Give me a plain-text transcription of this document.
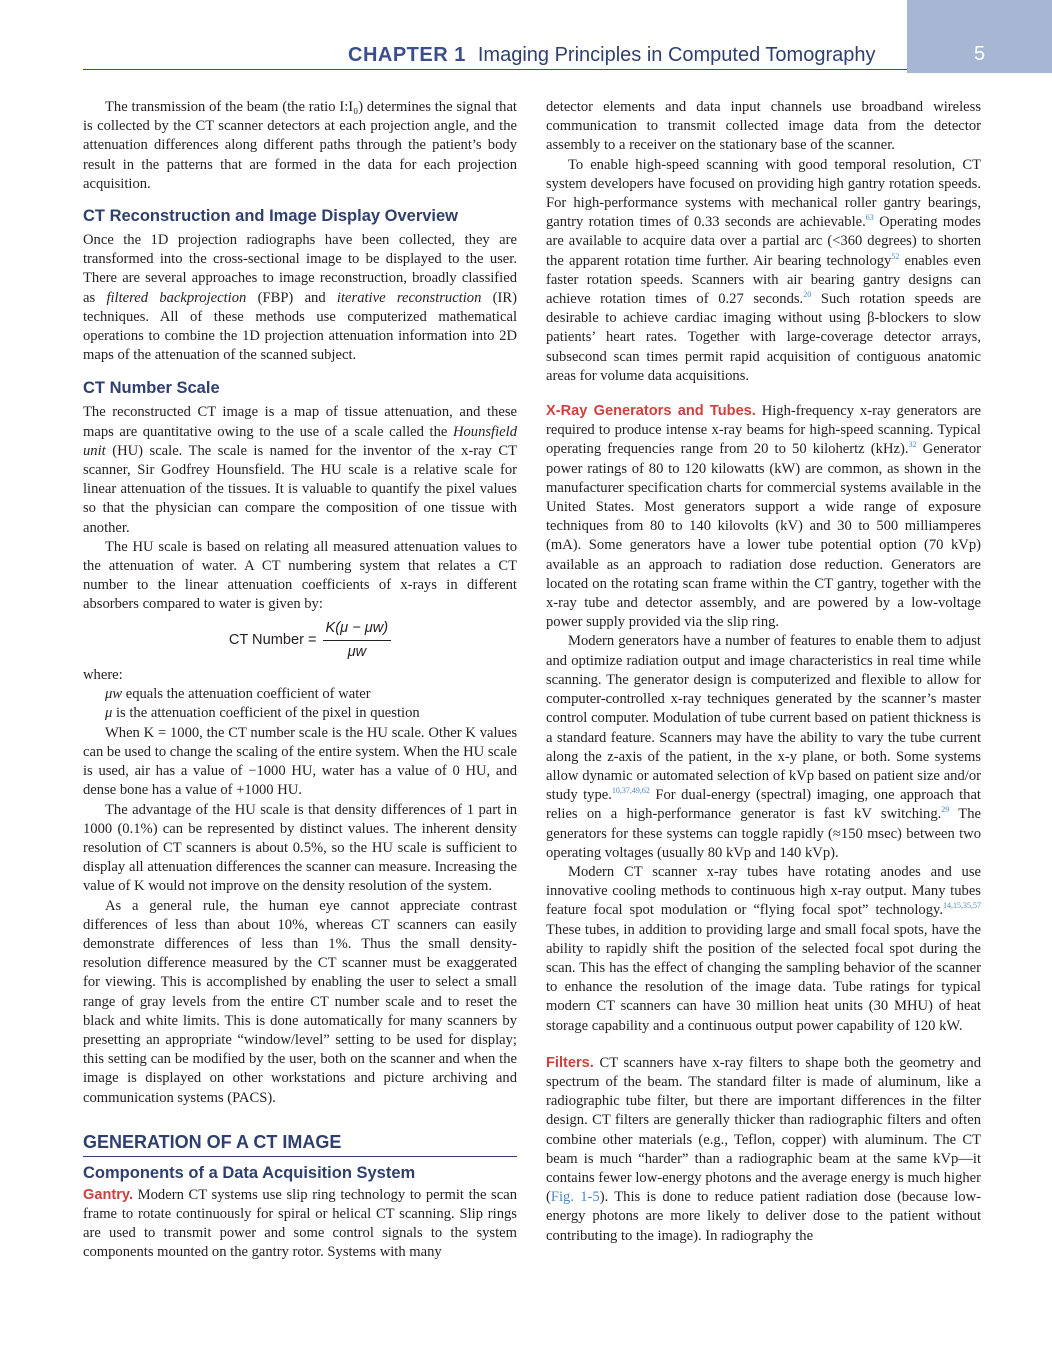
5
CHAPTER 1 Imaging Principles in Computed Tomography

The transmission of the beam (the ratio I:I₀) determines the signal that is collected by the CT scanner detectors at each projection angle, and the attenuation differences along different paths through the patient’s body result in the patterns that are formed in the data for each projection acquisition.

CT Reconstruction and Image Display Overview

Once the 1D projection radiographs have been collected, they are transformed into the cross-sectional image to be displayed to the user. There are several approaches to image reconstruction, broadly classified as filtered backprojection (FBP) and iterative reconstruction (IR) techniques. All of these methods use computerized mathematical operations to combine the 1D projection attenuation information into 2D maps of the attenuation of the scanned subject.

CT Number Scale

The reconstructed CT image is a map of tissue attenuation, and these maps are quantitative owing to the use of a scale called the Hounsfield unit (HU) scale. The scale is named for the inventor of the x-ray CT scanner, Sir Godfrey Hounsfield. The HU scale is a relative scale for linear attenuation of the tissues. It is valuable to quantify the pixel values so that the physician can compare the composition of one tissue with another.

The HU scale is based on relating all measured attenuation values to the attenuation of water. A CT numbering system that relates a CT number to the linear attenuation coefficients of x-rays in different absorbers compared to water is given by:

CT Number = $\frac{K(\mu - \mu w)}{\mu w}$

where:

μw equals the attenuation coefficient of water

μ is the attenuation coefficient of the pixel in question

When K = 1000, the CT number scale is the HU scale. Other K values can be used to change the scaling of the entire system. When the HU scale is used, air has a value of −1000 HU, water has a value of 0 HU, and dense bone has a value of +1000 HU.

The advantage of the HU scale is that density differences of 1 part in 1000 (0.1%) can be represented by distinct values. The inherent density resolution of CT scanners is about 0.5%, so the HU scale is sufficient to display all attenuation differences the scanner can measure. Increasing the value of K would not improve on the density resolution of the system.

As a general rule, the human eye cannot appreciate contrast differences of less than about 10%, whereas CT scanners can easily demonstrate differences of less than 1%. Thus the small density-resolution difference measured by the CT scanner must be exaggerated for viewing. This is accomplished by enabling the user to select a small range of gray levels from the entire CT number scale and to reset the black and white limits. This is done automatically for many scanners by presetting an appropriate “window/level” setting to be used for display; this setting can be modified by the user, both on the scanner and when the image is displayed on other workstations and picture archiving and communication systems (PACS).

GENERATION OF A CT IMAGE
Components of a Data Acquisition System

Gantry. Modern CT systems use slip ring technology to permit the scan frame to rotate continuously for spiral or helical CT scanning. Slip rings are used to transmit power and some control signals to the system components mounted on the gantry rotor. Systems with many

detector elements and data input channels use broadband wireless communication to transmit collected image data from the detector assembly to a receiver on the stationary base of the scanner.

To enable high-speed scanning with good temporal resolution, CT system developers have focused on providing high gantry rotation speeds. For high-performance systems with mechanical roller gantry bearings, gantry rotation times of 0.33 seconds are achievable.$^{63}$ Operating modes are available to acquire data over a partial arc (<360 degrees) to shorten the apparent rotation time further. Air bearing technology$^{52}$ enables even faster rotation speeds. Scanners with air bearing gantry designs can achieve rotation times of 0.27 seconds.$^{20}$ Such rotation speeds are desirable to achieve cardiac imaging without using β-blockers to slow patients’ heart rates. Together with large-coverage detector arrays, subsecond scan times permit rapid acquisition of contiguous anatomic areas for volume data acquisitions.

X-Ray Generators and Tubes. High-frequency x-ray generators are required to produce intense x-ray beams for high-speed scanning. Typical operating frequencies range from 20 to 50 kilohertz (kHz).$^{32}$ Generator power ratings of 80 to 120 kilowatts (kW) are common, as shown in the manufacturer specification charts for commercial systems available in the United States. Most generators support a wide range of exposure techniques from 80 to 140 kilovolts (kV) and 30 to 500 milliamperes (mA). Some generators have a lower tube potential option (70 kVp) available as an approach to radiation dose reduction. Generators are located on the rotating scan frame within the CT gantry, together with the x-ray tube and detector assembly, and are powered by a low-voltage power supply provided via the slip ring.

Modern generators have a number of features to enable them to adjust and optimize radiation output and image characteristics in real time while scanning. The generator design is computerized and flexible to allow for computer-controlled x-ray techniques generated by the scanner’s master control computer. Modulation of tube current based on patient thickness is a standard feature. Scanners may have the ability to vary the tube current along the z-axis of the patient, in the x-y plane, or both. Some systems allow dynamic or automated selection of kVp based on patient size and/or study type.$^{10,37,49,62}$ For dual-energy (spectral) imaging, one approach that relies on a high-performance generator is fast kV switching.$^{29}$ The generators for these systems can toggle rapidly (≈150 msec) between two operating voltages (usually 80 kVp and 140 kVp).

Modern CT scanner x-ray tubes have rotating anodes and use innovative cooling methods to continuous high x-ray output. Many tubes feature focal spot modulation or “flying focal spot” technology.$^{14,15,35,57}$ These tubes, in addition to providing large and small focal spots, have the ability to rapidly shift the position of the selected focal spot during the scan. This has the effect of changing the sampling behavior of the scanner to enhance the resolution of the image data. Tube ratings for typical modern CT scanners can have 30 million heat units (30 MHU) of heat storage capability and a continuous output power capability of 120 kW.

Filters. CT scanners have x-ray filters to shape both the geometry and spectrum of the beam. The standard filter is made of aluminum, like a radiographic tube filter, but there are important differences in the filter design. CT filters are generally thicker than radiographic filters and often combine other materials (e.g., Teflon, copper) with aluminum. The CT beam is much “harder” than a radiographic beam at the same kVp—it contains fewer low-energy photons and the average energy is much higher (Fig. 1-5). This is done to reduce patient radiation dose (because low-energy photons are more likely to deliver dose to the patient without contributing to the image). In radiography the
